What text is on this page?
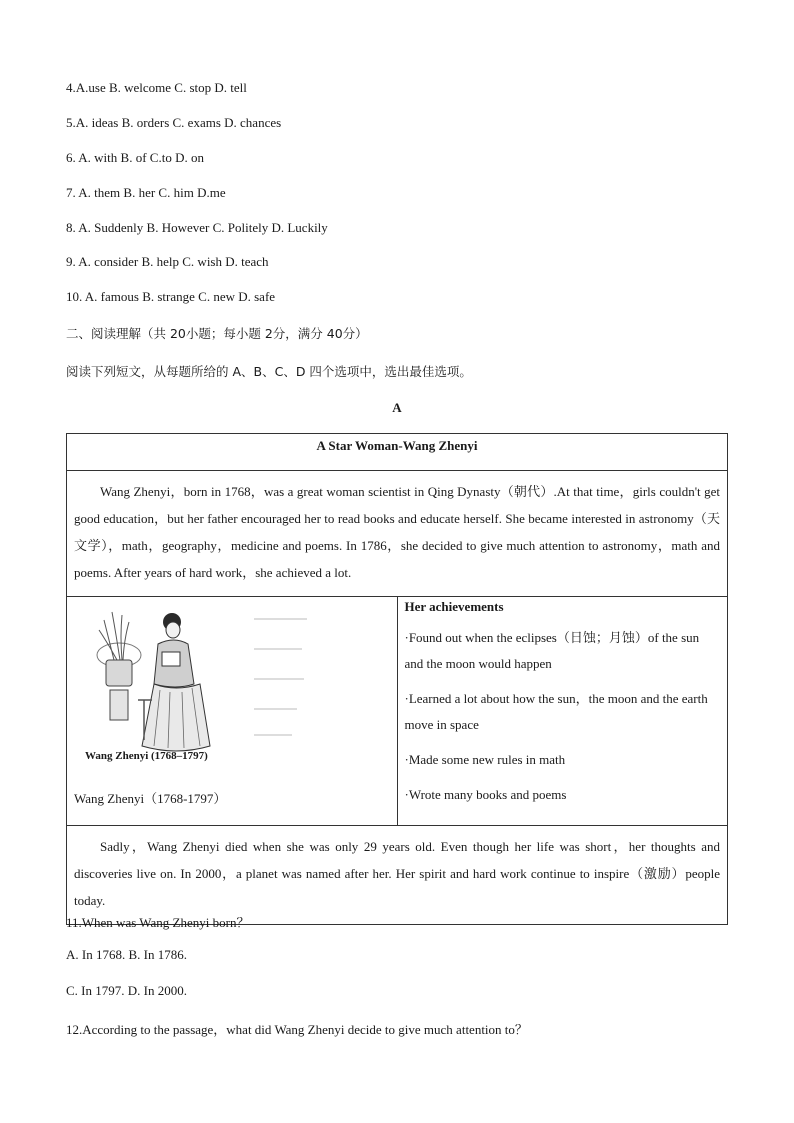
4.A.use B. welcome C. stop D. tell
5.A. ideas B. orders C. exams D. chances
6. A. with B. of C.to D. on
7. A. them B. her C. him D.me
8. A. Suddenly B. However C. Politely D. Luckily
9. A. consider B. help C. wish D. teach
10. A. famous B. strange C. new D. safe
二、阅读理解（共 20小题；每小题 2分，满分 40分）
阅读下列短文，从每题所给的 A、B、C、D 四个选项中，选出最佳选项。
A
A Star Woman-Wang Zhenyi

Wang Zhenyi，born in 1768，was a great woman scientist in Qing Dynasty（朝代）.At that time，girls couldn't get good education，but her father encouraged her to read books and educate herself. She became interested in astronomy（天文学），math，geography，medicine and poems. In 1786，she decided to give much attention to astronomy，math and poems. After years of hard work，she achieved a lot.

Wang Zhenyi (1768–1797)
Wang Zhenyi（1768-1797）

Her achievements
·Found out when the eclipses（日蚀；月蚀）of the sun and the moon would happen
·Learned a lot about how the sun，the moon and the earth move in space
·Made some new rules in math
·Wrote many books and poems

Sadly，Wang Zhenyi died when she was only 29 years old. Even though her life was short，her thoughts and discoveries live on. In 2000，a planet was named after her. Her spirit and hard work continue to inspire（激励）people today.

11.When was Wang Zhenyi born？
A. In 1768. B. In 1786.
C. In 1797. D. In 2000.
12.According to the passage，what did Wang Zhenyi decide to give much attention to？
